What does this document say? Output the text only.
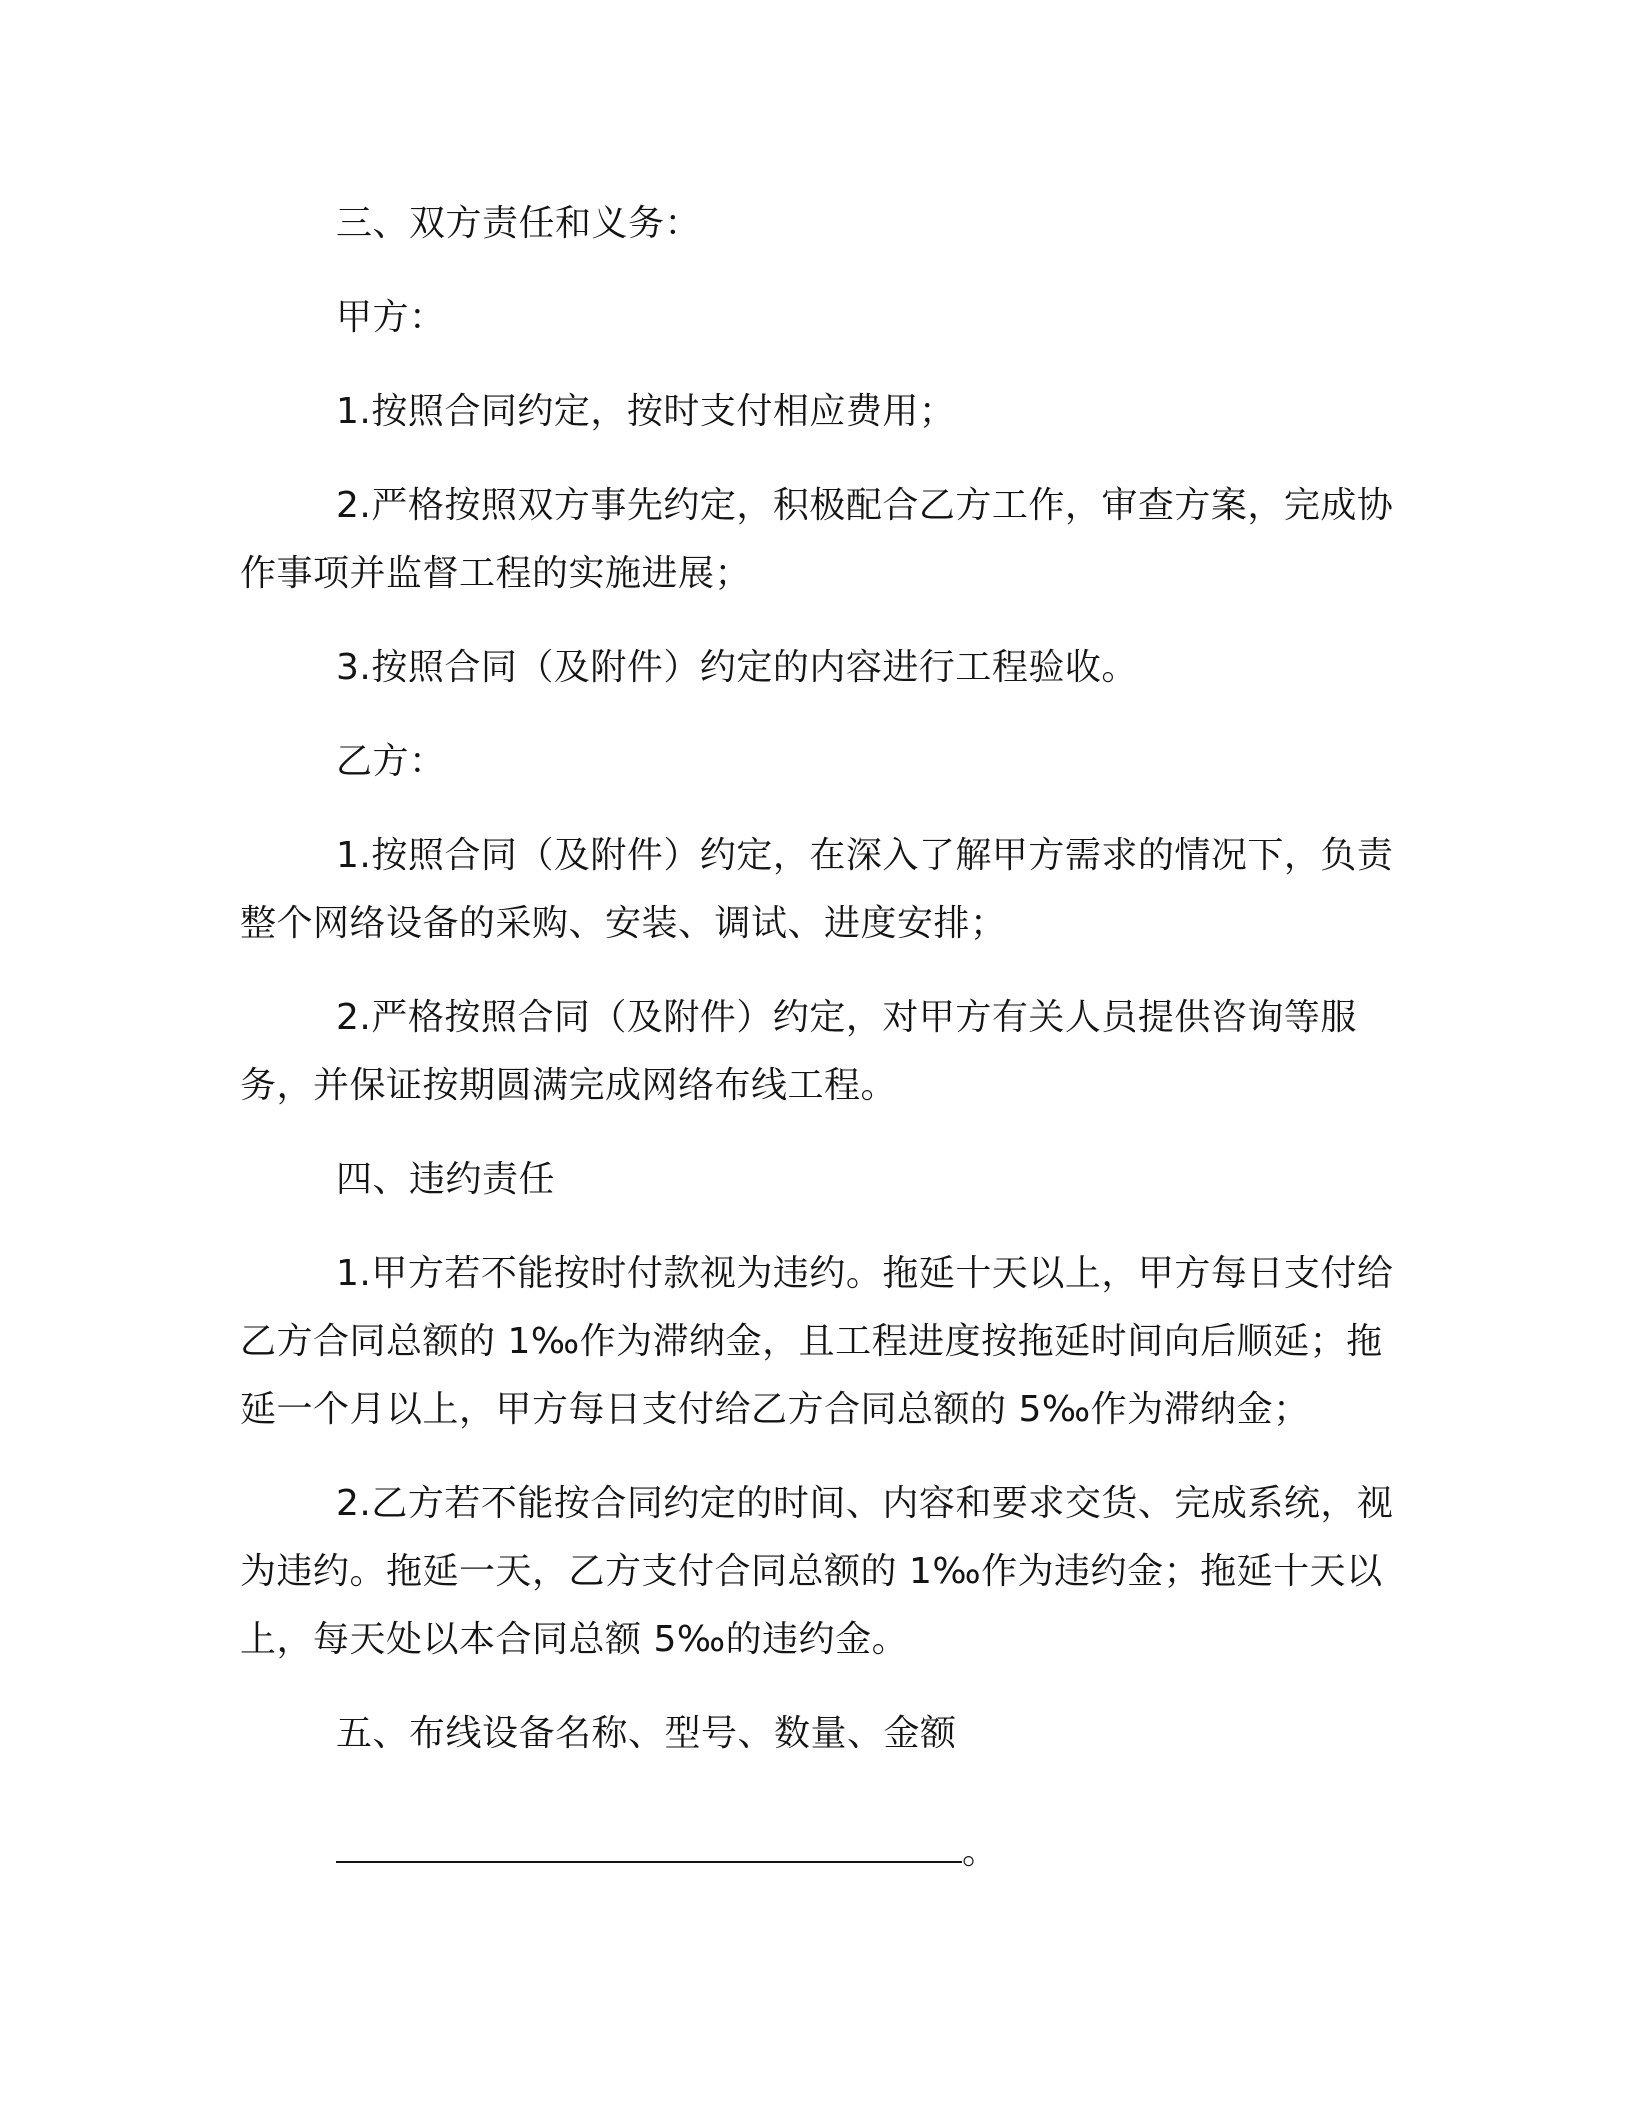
三、双方责任和义务：

甲方：

1.按照合同约定，按时支付相应费用；

2.严格按照双方事先约定，积极配合乙方工作，审查方案，完成协作事项并监督工程的实施进展；

3.按照合同（及附件）约定的内容进行工程验收。

乙方：

1.按照合同（及附件）约定，在深入了解甲方需求的情况下，负责整个网络设备的采购、安装、调试、进度安排；

2.严格按照合同（及附件）约定，对甲方有关人员提供咨询等服务，并保证按期圆满完成网络布线工程。

四、违约责任

1.甲方若不能按时付款视为违约。拖延十天以上，甲方每日支付给乙方合同总额的 1‰作为滞纳金，且工程进度按拖延时间向后顺延；拖延一个月以上，甲方每日支付给乙方合同总额的 5‰作为滞纳金；

2.乙方若不能按合同约定的时间、内容和要求交货、完成系统，视为违约。拖延一天，乙方支付合同总额的 1‰作为违约金；拖延十天以上，每天处以本合同总额 5‰的违约金。

五、布线设备名称、型号、数量、金额

。
